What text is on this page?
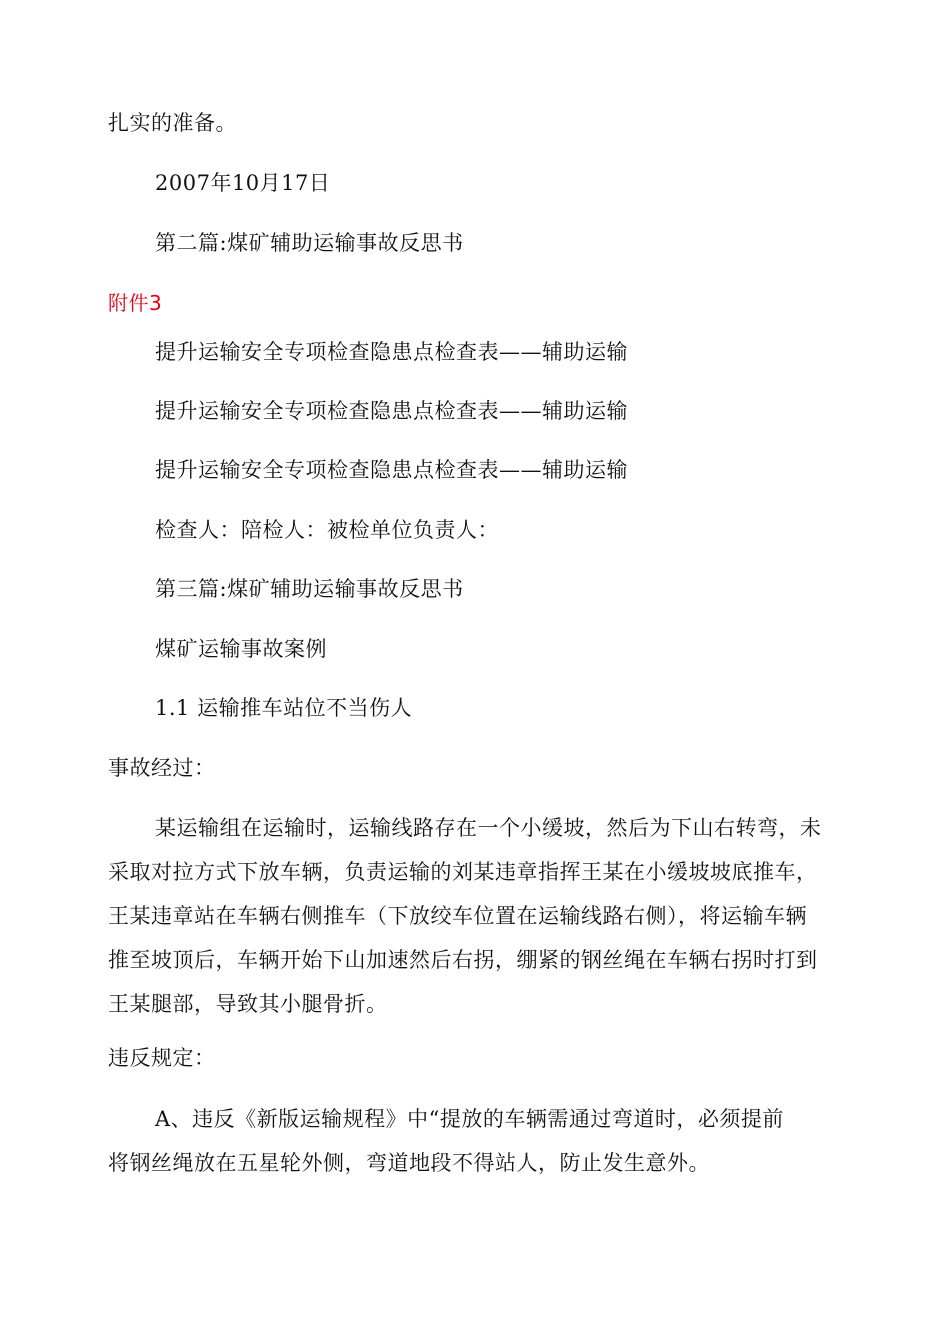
扎实的准备。
2007年10月17日
第二篇:煤矿辅助运输事故反思书
附件3
提升运输安全专项检查隐患点检查表——辅助运输
提升运输安全专项检查隐患点检查表——辅助运输
提升运输安全专项检查隐患点检查表——辅助运输
检查人：陪检人：被检单位负责人：
第三篇:煤矿辅助运输事故反思书
煤矿运输事故案例
1.1 运输推车站位不当伤人
事故经过：
某运输组在运输时，运输线路存在一个小缓坡，然后为下山右转弯，未
采取对拉方式下放车辆，负责运输的刘某违章指挥王某在小缓坡坡底推车，
王某违章站在车辆右侧推车（下放绞车位置在运输线路右侧），将运输车辆
推至坡顶后，车辆开始下山加速然后右拐，绷紧的钢丝绳在车辆右拐时打到
王某腿部，导致其小腿骨折。
违反规定：
A、违反《新版运输规程》中“提放的车辆需通过弯道时，必须提前
将钢丝绳放在五星轮外侧，弯道地段不得站人，防止发生意外。
